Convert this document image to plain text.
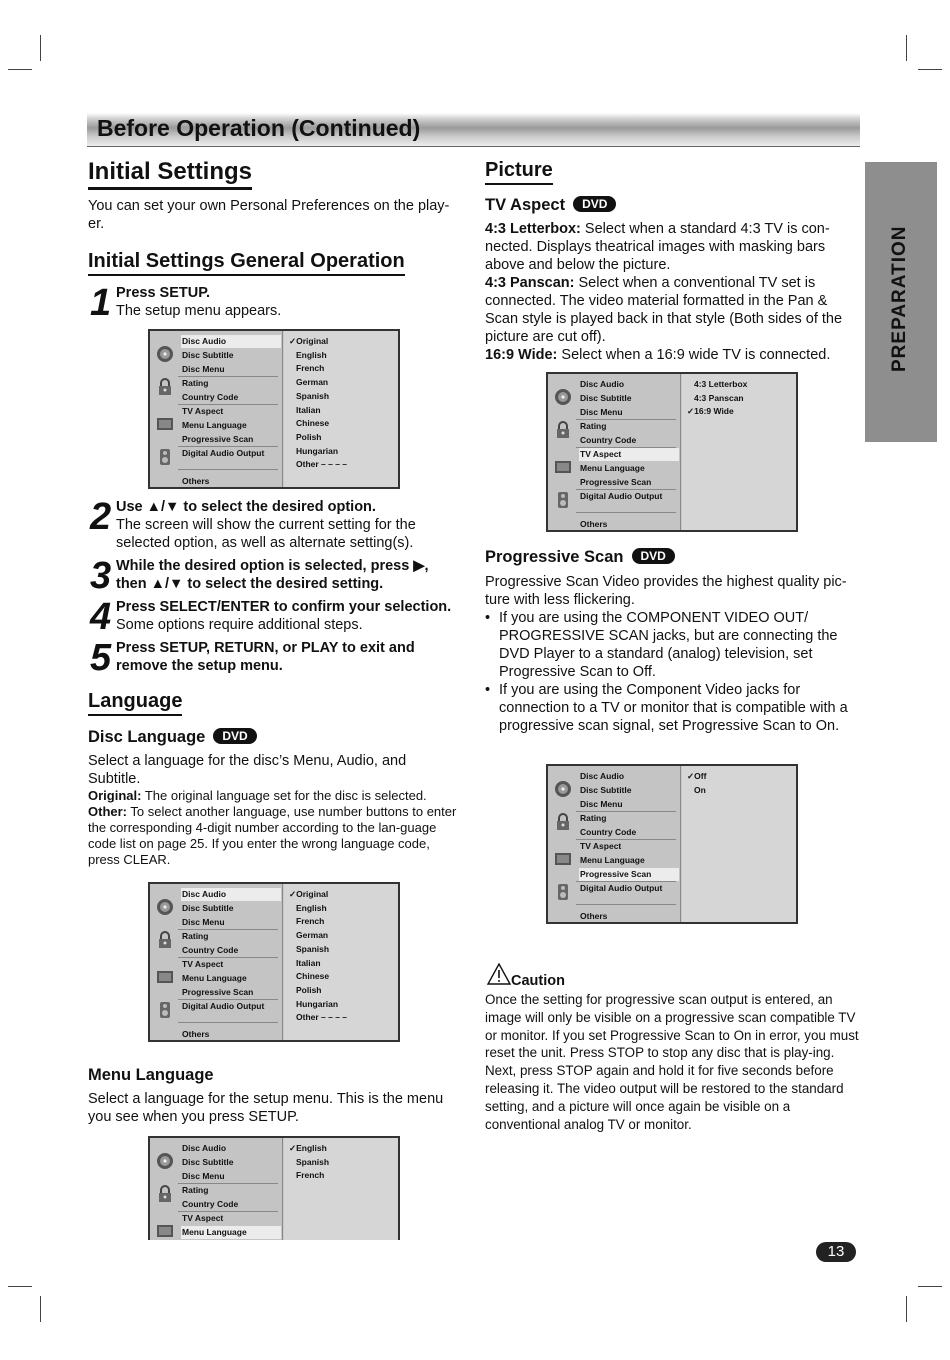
Before Operation (Continued)
PREPARATION
Initial Settings
You can set your own Personal Preferences on the play-er.
Initial Settings General Operation
1 Press SETUP.
The setup menu appears.
Disc Audio
Disc Subtitle
Disc Menu
Rating
Country Code
TV Aspect
Menu Language
Progressive Scan
Digital Audio Output
Others
✓Original
English
French
German
Spanish
Italian
Chinese
Polish
Hungarian
Other – – – –
2 Use ▲/▼ to select the desired option.
The screen will show the current setting for the selected option, as well as alternate setting(s).
3 While the desired option is selected, press ▶, then ▲/▼ to select the desired setting.
4 Press SELECT/ENTER to confirm your selection.
Some options require additional steps.
5 Press SETUP, RETURN, or PLAY to exit and remove the setup menu.
Language
Disc Language DVD
Select a language for the disc’s Menu, Audio, and Subtitle.
Original: The original language set for the disc is selected.
Other: To select another language, use number buttons to enter the corresponding 4-digit number according to the lan-guage code list on page 25. If you enter the wrong language code, press CLEAR.
Disc Audio
Disc Subtitle
Disc Menu
Rating
Country Code
TV Aspect
Menu Language
Progressive Scan
Digital Audio Output
Others
✓Original
English
French
German
Spanish
Italian
Chinese
Polish
Hungarian
Other – – – –
Menu Language
Select a language for the setup menu. This is the menu you see when you press SETUP.
Disc Audio
Disc Subtitle
Disc Menu
Rating
Country Code
TV Aspect
Menu Language
✓English
Spanish
French
Picture
TV Aspect DVD
4:3 Letterbox: Select when a standard 4:3 TV is con-nected. Displays theatrical images with masking bars above and below the picture.
4:3 Panscan: Select when a conventional TV set is connected. The video material formatted in the Pan & Scan style is played back in that style (Both sides of the picture are cut off).
16:9 Wide: Select when a 16:9 wide TV is connected.
Disc Audio
Disc Subtitle
Disc Menu
Rating
Country Code
TV Aspect
Menu Language
Progressive Scan
Digital Audio Output
Others
4:3 Letterbox
4:3 Panscan
✓16:9 Wide
Progressive Scan DVD
Progressive Scan Video provides the highest quality pic-ture with less flickering.
• If you are using the COMPONENT VIDEO OUT/ PROGRESSIVE SCAN jacks, but are connecting the DVD Player to a standard (analog) television, set Progressive Scan to Off.
• If you are using the Component Video jacks for connection to a TV or monitor that is compatible with a progressive scan signal, set Progressive Scan to On.
Disc Audio
Disc Subtitle
Disc Menu
Rating
Country Code
TV Aspect
Menu Language
Progressive Scan
Digital Audio Output
Others
✓Off
On
Caution
Once the setting for progressive scan output is entered, an image will only be visible on a progressive scan compatible TV or monitor. If you set Progressive Scan to On in error, you must reset the unit. Press STOP to stop any disc that is play-ing. Next, press STOP again and hold it for five seconds before releasing it. The video output will be restored to the standard setting, and a picture will once again be visible on a conventional analog TV or monitor.
13
